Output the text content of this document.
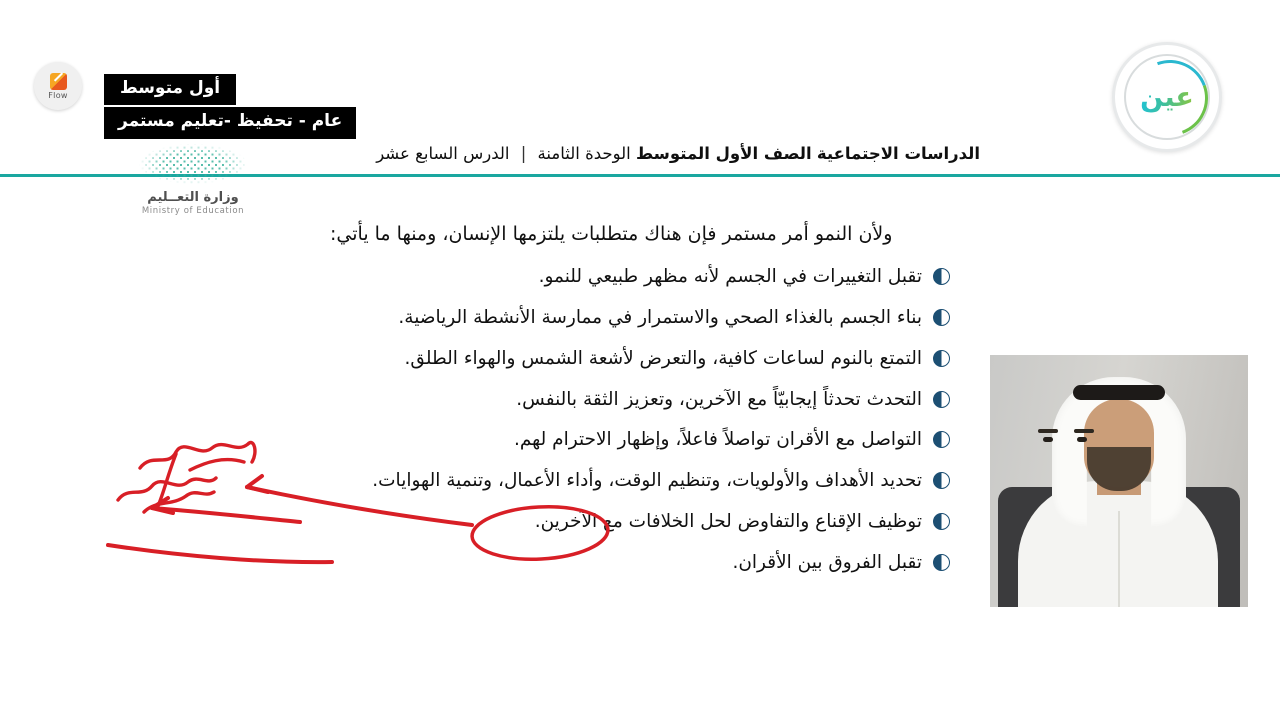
Flow	أول متوسط
عام - تحفيظ -تعليم مستمر
عين
الدراسات الاجتماعية الصف الأول المتوسط الوحدة الثامنة | الدرس السابع عشر
وزارة التعــليم
Ministry of Education
ولأن النمو أمر مستمر فإن هناك متطلبات يلتزمها الإنسان، ومنها ما يأتي:
تقبل التغييرات في الجسم لأنه مظهر طبيعي للنمو.
بناء الجسم بالغذاء الصحي والاستمرار في ممارسة الأنشطة الرياضية.
التمتع بالنوم لساعات كافية، والتعرض لأشعة الشمس والهواء الطلق.
التحدث تحدثاً إيجابيّاً مع الآخرين، وتعزيز الثقة بالنفس.
التواصل مع الأقران تواصلاً فاعلاً، وإظهار الاحترام لهم.
تحديد الأهداف والأولويات، وتنظيم الوقت، وأداء الأعمال، وتنمية الهوايات.
توظيف الإقناع والتفاوض لحل الخلافات مع الآخرين.
تقبل الفروق بين الأقران.
